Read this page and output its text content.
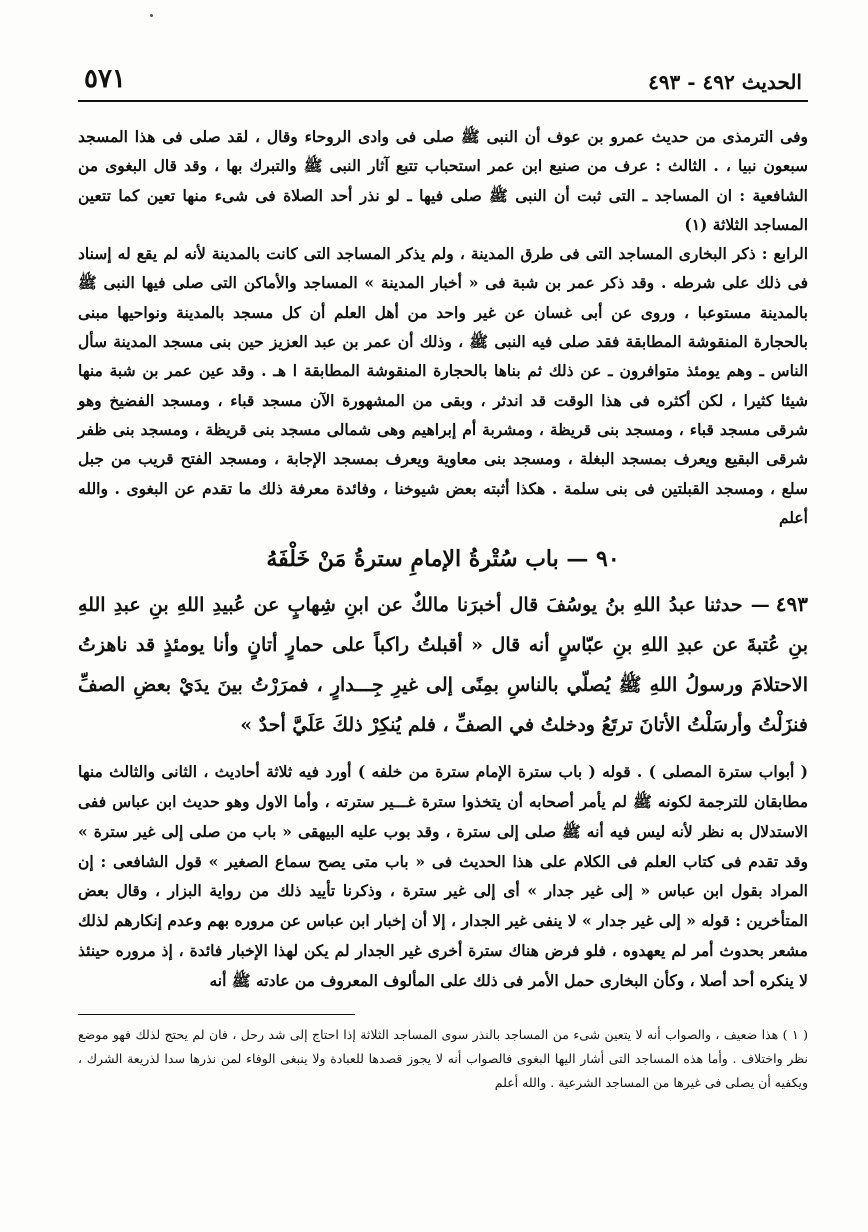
الحديث ٤٩٢ - ٤٩٣
٥٧١

وفى الترمذى من حديث عمرو بن عوف أن النبى ﷺ صلى فى وادى الروحاء وقال ، لقد صلى فى هذا المسجد سبعون نبيا ، . الثالث : عرف من صنيع ابن عمر استحباب تتبع آثار النبى ﷺ والتبرك بها ، وقد قال البغوى من الشافعية : ان المساجد ـ التى ثبت أن النبى ﷺ صلى فيها ـ لو نذر أحد الصلاة فى شىء منها تعين كما تتعين المساجد الثلاثة (١)

الرابع : ذكر البخارى المساجد التى فى طرق المدينة ، ولم يذكر المساجد التى كانت بالمدينة لأنه لم يقع له إسناد فى ذلك على شرطه . وقد ذكر عمر بن شبة فى « أخبار المدينة » المساجد والأماكن التى صلى فيها النبى ﷺ بالمدينة مستوعبا ، وروى عن أبى غسان عن غير واحد من أهل العلم أن كل مسجد بالمدينة ونواحيها مبنى بالحجارة المنقوشة المطابقة فقد صلى فيه النبى ﷺ ، وذلك أن عمر بن عبد العزيز حين بنى مسجد المدينة سأل الناس ـ وهم يومئذ متوافرون ـ عن ذلك ثم بناها بالحجارة المنقوشة المطابقة ا هـ . وقد عين عمر بن شبة منها شيئا كثيرا ، لكن أكثره فى هذا الوقت قد اندثر ، وبقى من المشهورة الآن مسجد قباء ، ومسجد الفضيخ وهو شرقى مسجد قباء ، ومسجد بنى قريظة ، ومشربة أم إبراهيم وهى شمالى مسجد بنى قريظة ، ومسجد بنى ظفر شرقى البقيع ويعرف بمسجد البغلة ، ومسجد بنى معاوية ويعرف بمسجد الإجابة ، ومسجد الفتح قريب من جبل سلع ، ومسجد القبلتين فى بنى سلمة . هكذا أثبته بعض شيوخنا ، وفائدة معرفة ذلك ما تقدم عن البغوى . والله أعلم

٩٠ — باب سُتْرةُ الإمامِ سترةُ مَنْ خَلْفَهُ

٤٩٣— حدثنا عبدُ اللهِ بنُ يوسُفَ قال أخبرَنا مالكٌ عن ابنِ شِهابٍ عن عُبيدِ اللهِ بنِ عبدِ اللهِ بنِ عُتبةَ عن عبدِ اللهِ بنِ عبّاسٍ أنه قال « أقبلتُ راكباً على حمارٍ أتانٍ وأنا يومئذٍ قد ناهزتُ الاحتلامَ ورسولُ اللهِ ﷺ يُصلّي بالناسِ بمِنًى إلى غيرِ جِـــدارٍ ، فمرَرْتُ بينَ يدَيْ بعضِ الصفِّ فنزَلْتُ وأرسَلْتُ الأتانَ ترتَعُ ودخلتُ في الصفِّ ، فلم يُنكِرْ ذلكَ عَلَيَّ أحدٌ »

( أبواب سترة المصلى ) . قوله ( باب سترة الإمام سترة من خلفه ) أورد فيه ثلاثة أحاديث ، الثانى والثالث منها مطابقان للترجمة لكونه ﷺ لم يأمر أصحابه أن يتخذوا سترة غـــير سترته ، وأما الاول وهو حديث ابن عباس ففى الاستدلال به نظر لأنه ليس فيه أنه ﷺ صلى إلى سترة ، وقد بوب عليه البيهقى « باب من صلى إلى غير سترة » وقد تقدم فى كتاب العلم فى الكلام على هذا الحديث فى « باب متى يصح سماع الصغير » قول الشافعى : إن المراد بقول ابن عباس « إلى غير جدار » أى إلى غير سترة ، وذكرنا تأييد ذلك من رواية البزار ، وقال بعض المتأخرين : قوله « إلى غير جدار » لا ينفى غير الجدار ، إلا أن إخبار ابن عباس عن مروره بهم وعدم إنكارهم لذلك مشعر بحدوث أمر لم يعهدوه ، فلو فرض هناك سترة أخرى غير الجدار لم يكن لهذا الإخبار فائدة ، إذ مروره حينئذ لا ينكره أحد أصلا ، وكأن البخارى حمل الأمر فى ذلك على المألوف المعروف من عادته ﷺ أنه

( ١ ) هذا ضعيف ، والصواب أنه لا يتعين شىء من المساجد بالنذر سوى المساجد الثلاثة إذا احتاج إلى شد رحل ، فان لم يحتج لذلك فهو موضع نظر واختلاف . وأما هذه المساجد التى أشار اليها البغوى فالصواب أنه لا يجوز قصدها للعبادة ولا ينبغى الوفاء لمن نذرها سدا لذريعة الشرك ، ويكفيه أن يصلى فى غيرها من المساجد الشرعية . والله أعلم
